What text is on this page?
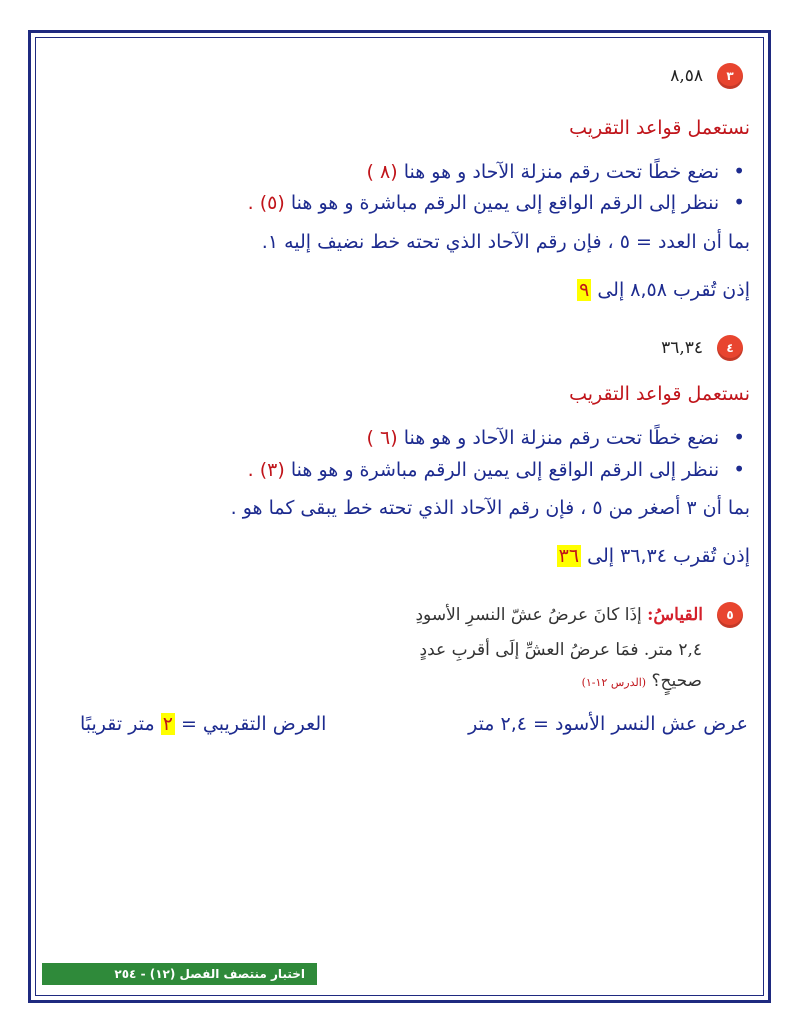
٣
٨,٥٨
نستعمل قواعد التقريب
• نضع خطًا تحت رقم منزلة الآحاد و هو هنا (٨ )
• ننظر إلى الرقم الواقع إلى يمين الرقم مباشرة و هو هنا (٥) .
بما أن العدد = ٥ ، فإن رقم الآحاد الذي تحته خط نضيف إليه ١.
إذن تُقرب ٨,٥٨ إلى ٩
٤
٣٦,٣٤
نستعمل قواعد التقريب
• نضع خطًا تحت رقم منزلة الآحاد و هو هنا (٦ )
• ننظر إلى الرقم الواقع إلى يمين الرقم مباشرة و هو هنا (٣) .
بما أن ٣ أصغر من ٥ ، فإن رقم الآحاد الذي تحته خط يبقى كما هو .
إذن تُقرب ٣٦,٣٤ إلى ٣٦
٥
القياسُ: إذَا كانَ عرضُ عشّ النسرِ الأسودِ
٢,٤ متر. فمَا عرضُ العشِّ إلَى أقربِ عددٍ
صحيحٍ؟ (الدرس ١٢-١)
عرض عش النسر الأسود = ٢,٤ متر
العرض التقريبي = ٢ متر تقريبًا
اختبار منتصف الفصل (١٢) - ٢٥٤
